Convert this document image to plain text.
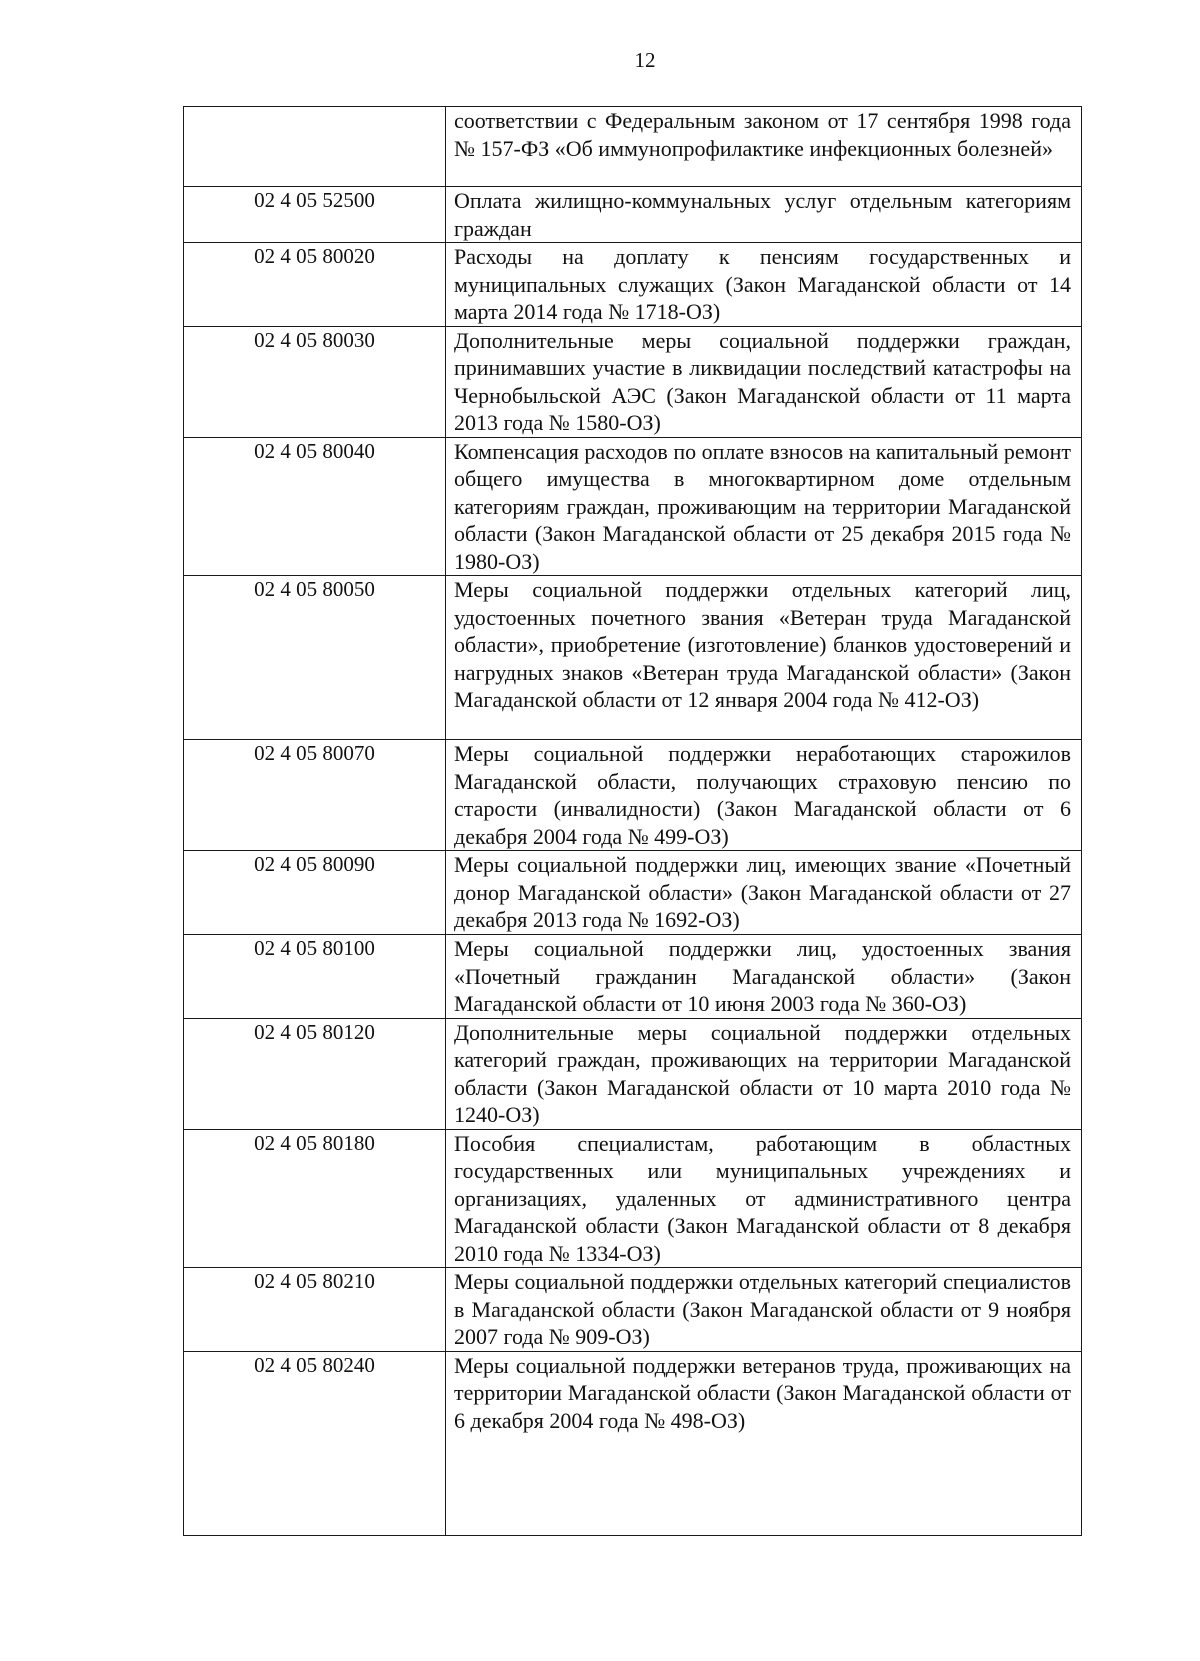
12
	соответствии с Федеральным законом от 17 сентября 1998 года № 157-ФЗ «Об иммунопрофилактике инфекционных болезней»
02 4 05 52500	Оплата жилищно-коммунальных услуг отдельным категориям граждан
02 4 05 80020	Расходы на доплату к пенсиям государственных и муниципальных служащих (Закон Магаданской области от 14 марта 2014 года № 1718-ОЗ)
02 4 05 80030	Дополнительные меры социальной поддержки граждан, принимавших участие в ликвидации последствий катастрофы на Чернобыльской АЭС (Закон Магаданской области от 11 марта 2013 года № 1580-ОЗ)
02 4 05 80040	Компенсация расходов по оплате взносов на капитальный ремонт общего имущества в многоквартирном доме отдельным категориям граждан, проживающим на территории Магаданской области (Закон Магаданской области от 25 декабря 2015 года № 1980-ОЗ)
02 4 05 80050	Меры социальной поддержки отдельных категорий лиц, удостоенных почетного звания «Ветеран труда Магаданской области», приобретение (изготовление) бланков удостоверений и нагрудных знаков «Ветеран труда Магаданской области» (Закон Магаданской области от 12 января 2004 года № 412-ОЗ)
02 4 05 80070	Меры социальной поддержки неработающих старожилов Магаданской области, получающих страховую пенсию по старости (инвалидности) (Закон Магаданской области от 6 декабря 2004 года № 499-ОЗ)
02 4 05 80090	Меры социальной поддержки лиц, имеющих звание «Почетный донор Магаданской области» (Закон Магаданской области от 27 декабря 2013 года № 1692-ОЗ)
02 4 05 80100	Меры социальной поддержки лиц, удостоенных звания «Почетный гражданин Магаданской области» (Закон Магаданской области от 10 июня 2003 года № 360-ОЗ)
02 4 05 80120	Дополнительные меры социальной поддержки отдельных категорий граждан, проживающих на территории Магаданской области (Закон Магаданской области от 10 марта 2010 года № 1240-ОЗ)
02 4 05 80180	Пособия специалистам, работающим в областных государственных или муниципальных учреждениях и организациях, удаленных от административного центра Магаданской области (Закон Магаданской области от 8 декабря 2010 года № 1334-ОЗ)
02 4 05 80210	Меры социальной поддержки отдельных категорий специалистов в Магаданской области (Закон Магаданской области от 9 ноября 2007 года № 909-ОЗ)
02 4 05 80240	Меры социальной поддержки ветеранов труда, проживающих на территории Магаданской области (Закон Магаданской области от 6 декабря 2004 года № 498-ОЗ)
